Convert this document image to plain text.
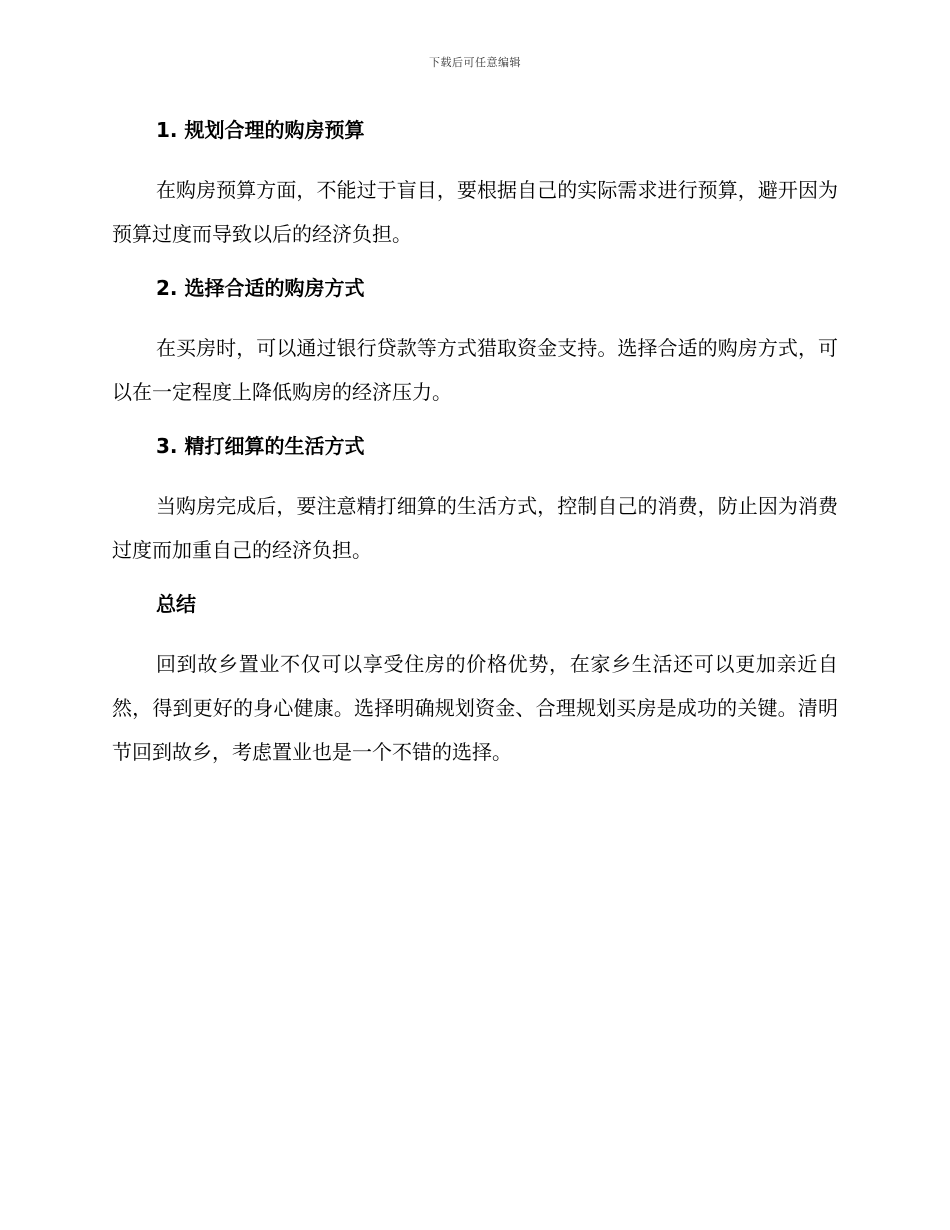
下载后可任意编辑
1. 规划合理的购房预算

在购房预算方面，不能过于盲目，要根据自己的实际需求进行预算，避开因为预算过度而导致以后的经济负担。

2. 选择合适的购房方式

在买房时，可以通过银行贷款等方式猎取资金支持。选择合适的购房方式，可以在一定程度上降低购房的经济压力。

3. 精打细算的生活方式

当购房完成后，要注意精打细算的生活方式，控制自己的消费，防止因为消费过度而加重自己的经济负担。

总结

回到故乡置业不仅可以享受住房的价格优势，在家乡生活还可以更加亲近自然，得到更好的身心健康。选择明确规划资金、合理规划买房是成功的关键。清明节回到故乡，考虑置业也是一个不错的选择。
